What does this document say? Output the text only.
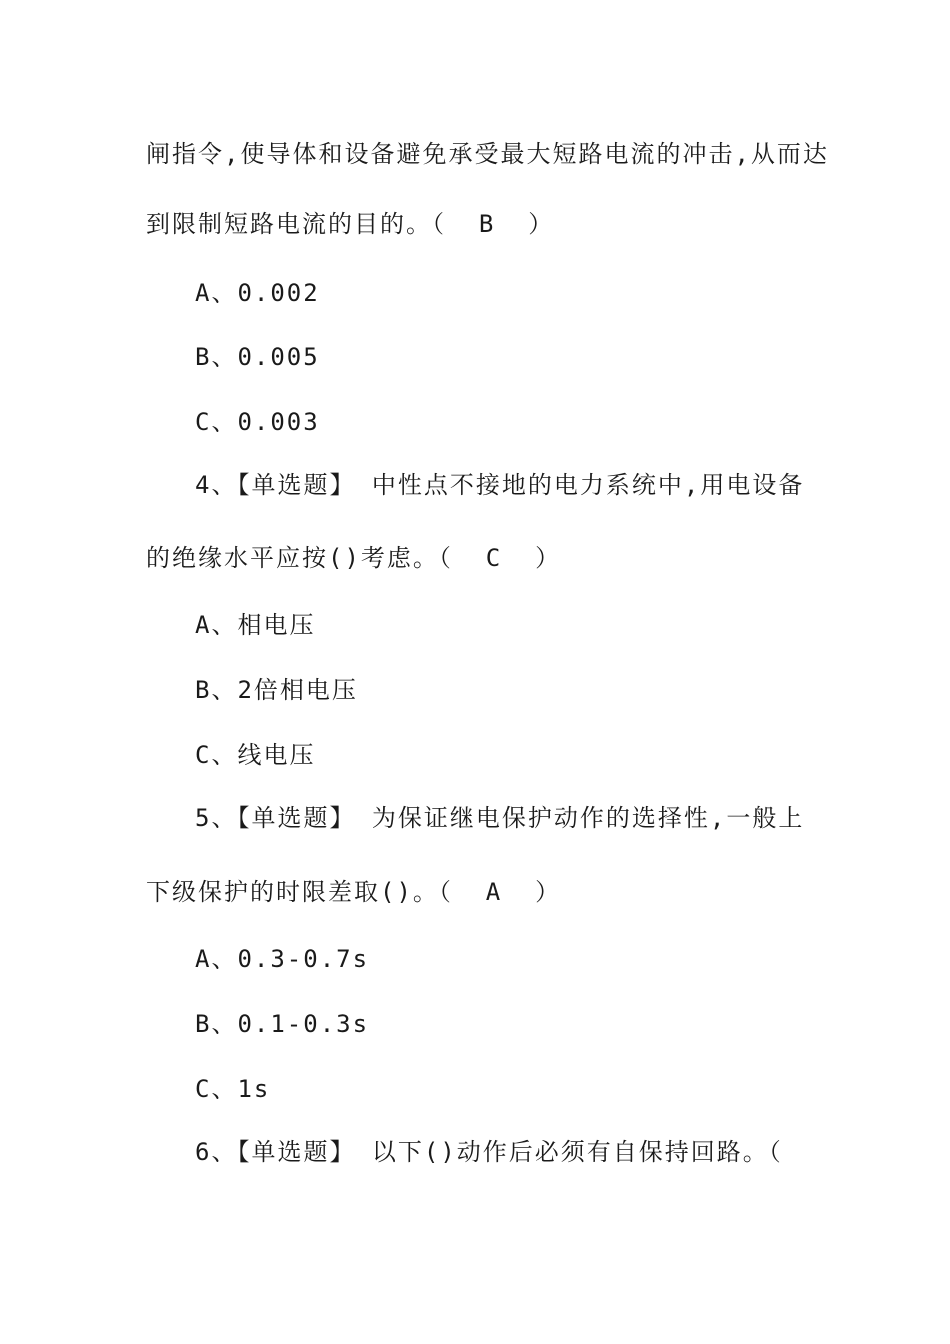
闸指令,使导体和设备避免承受最大短路电流的冲击,从而达
到限制短路电流的目的。（  B  ）
A、0.002
B、0.005
C、0.003
4、【单选题】 中性点不接地的电力系统中,用电设备
的绝缘水平应按()考虑。（  C  ）
A、相电压
B、2倍相电压
C、线电压
5、【单选题】 为保证继电保护动作的选择性,一般上
下级保护的时限差取()。（  A  ）
A、0.3-0.7s
B、0.1-0.3s
C、1s
6、【单选题】 以下()动作后必须有自保持回路。（
